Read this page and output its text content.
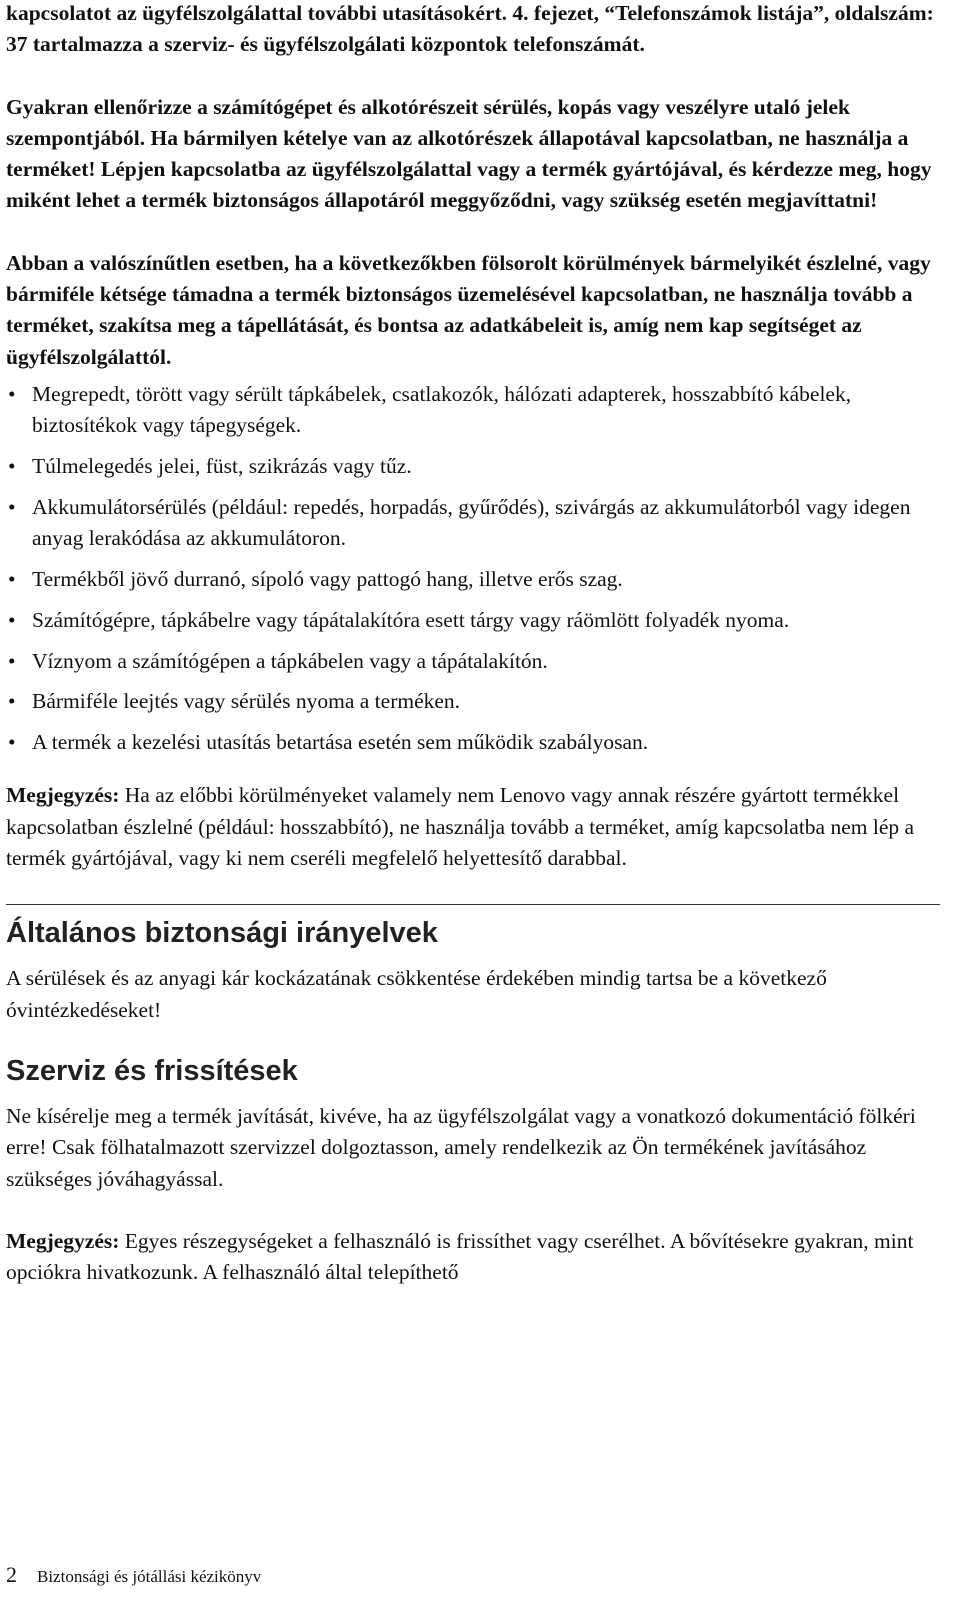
kapcsolatot az ügyfélszolgálattal további utasításokért. 4. fejezet, “Telefonszámok listája”, oldalszám: 37 tartalmazza a szerviz- és ügyfélszolgálati központok telefonszámát.

Gyakran ellenőrizze a számítógépet és alkotórészeit sérülés, kopás vagy veszélyre utaló jelek szempontjából. Ha bármilyen kételye van az alkotórészek állapotával kapcsolatban, ne használja a terméket! Lépjen kapcsolatba az ügyfélszolgálattal vagy a termék gyártójával, és kérdezze meg, hogy miként lehet a termék biztonságos állapotáról meggyőződni, vagy szükség esetén megjavíttatni!

Abban a valószínűtlen esetben, ha a következőkben fölsorolt körülmények bármelyikét észlelné, vagy bármiféle kétsége támadna a termék biztonságos üzemelésével kapcsolatban, ne használja tovább a terméket, szakítsa meg a tápellátását, és bontsa az adatkábeleit is, amíg nem kap segítséget az ügyfélszolgálattól.

• Megrepedt, törött vagy sérült tápkábelek, csatlakozók, hálózati adapterek, hosszabbító kábelek, biztosítékok vagy tápegységek.
• Túlmelegedés jelei, füst, szikrázás vagy tűz.
• Akkumulátorsérülés (például: repedés, horpadás, gyűrődés), szivárgás az akkumulátorból vagy idegen anyag lerakódása az akkumulátoron.
• Termékből jövő durranó, sípoló vagy pattogó hang, illetve erős szag.
• Számítógépre, tápkábelre vagy tápátalakítóra esett tárgy vagy ráömlött folyadék nyoma.
• Víznyom a számítógépen a tápkábelen vagy a tápátalakítón.
• Bármiféle leejtés vagy sérülés nyoma a terméken.
• A termék a kezelési utasítás betartása esetén sem működik szabályosan.

Megjegyzés: Ha az előbbi körülményeket valamely nem Lenovo vagy annak részére gyártott termékkel kapcsolatban észlelné (például: hosszabbító), ne használja tovább a terméket, amíg kapcsolatba nem lép a termék gyártójával, vagy ki nem cseréli megfelelő helyettesítő darabbal.

Általános biztonsági irányelvek

A sérülések és az anyagi kár kockázatának csökkentése érdekében mindig tartsa be a következő óvintézkedéseket!

Szerviz és frissítések

Ne kísérelje meg a termék javítását, kivéve, ha az ügyfélszolgálat vagy a vonatkozó dokumentáció fölkéri erre! Csak fölhatalmazott szervizzel dolgoztasson, amely rendelkezik az Ön termékének javításához szükséges jóváhagyással.

Megjegyzés: Egyes részegységeket a felhasználó is frissíthet vagy cserélhet. A bővítésekre gyakran, mint opciókra hivatkozunk. A felhasználó által telepíthető

2 Biztonsági és jótállási kézikönyv
